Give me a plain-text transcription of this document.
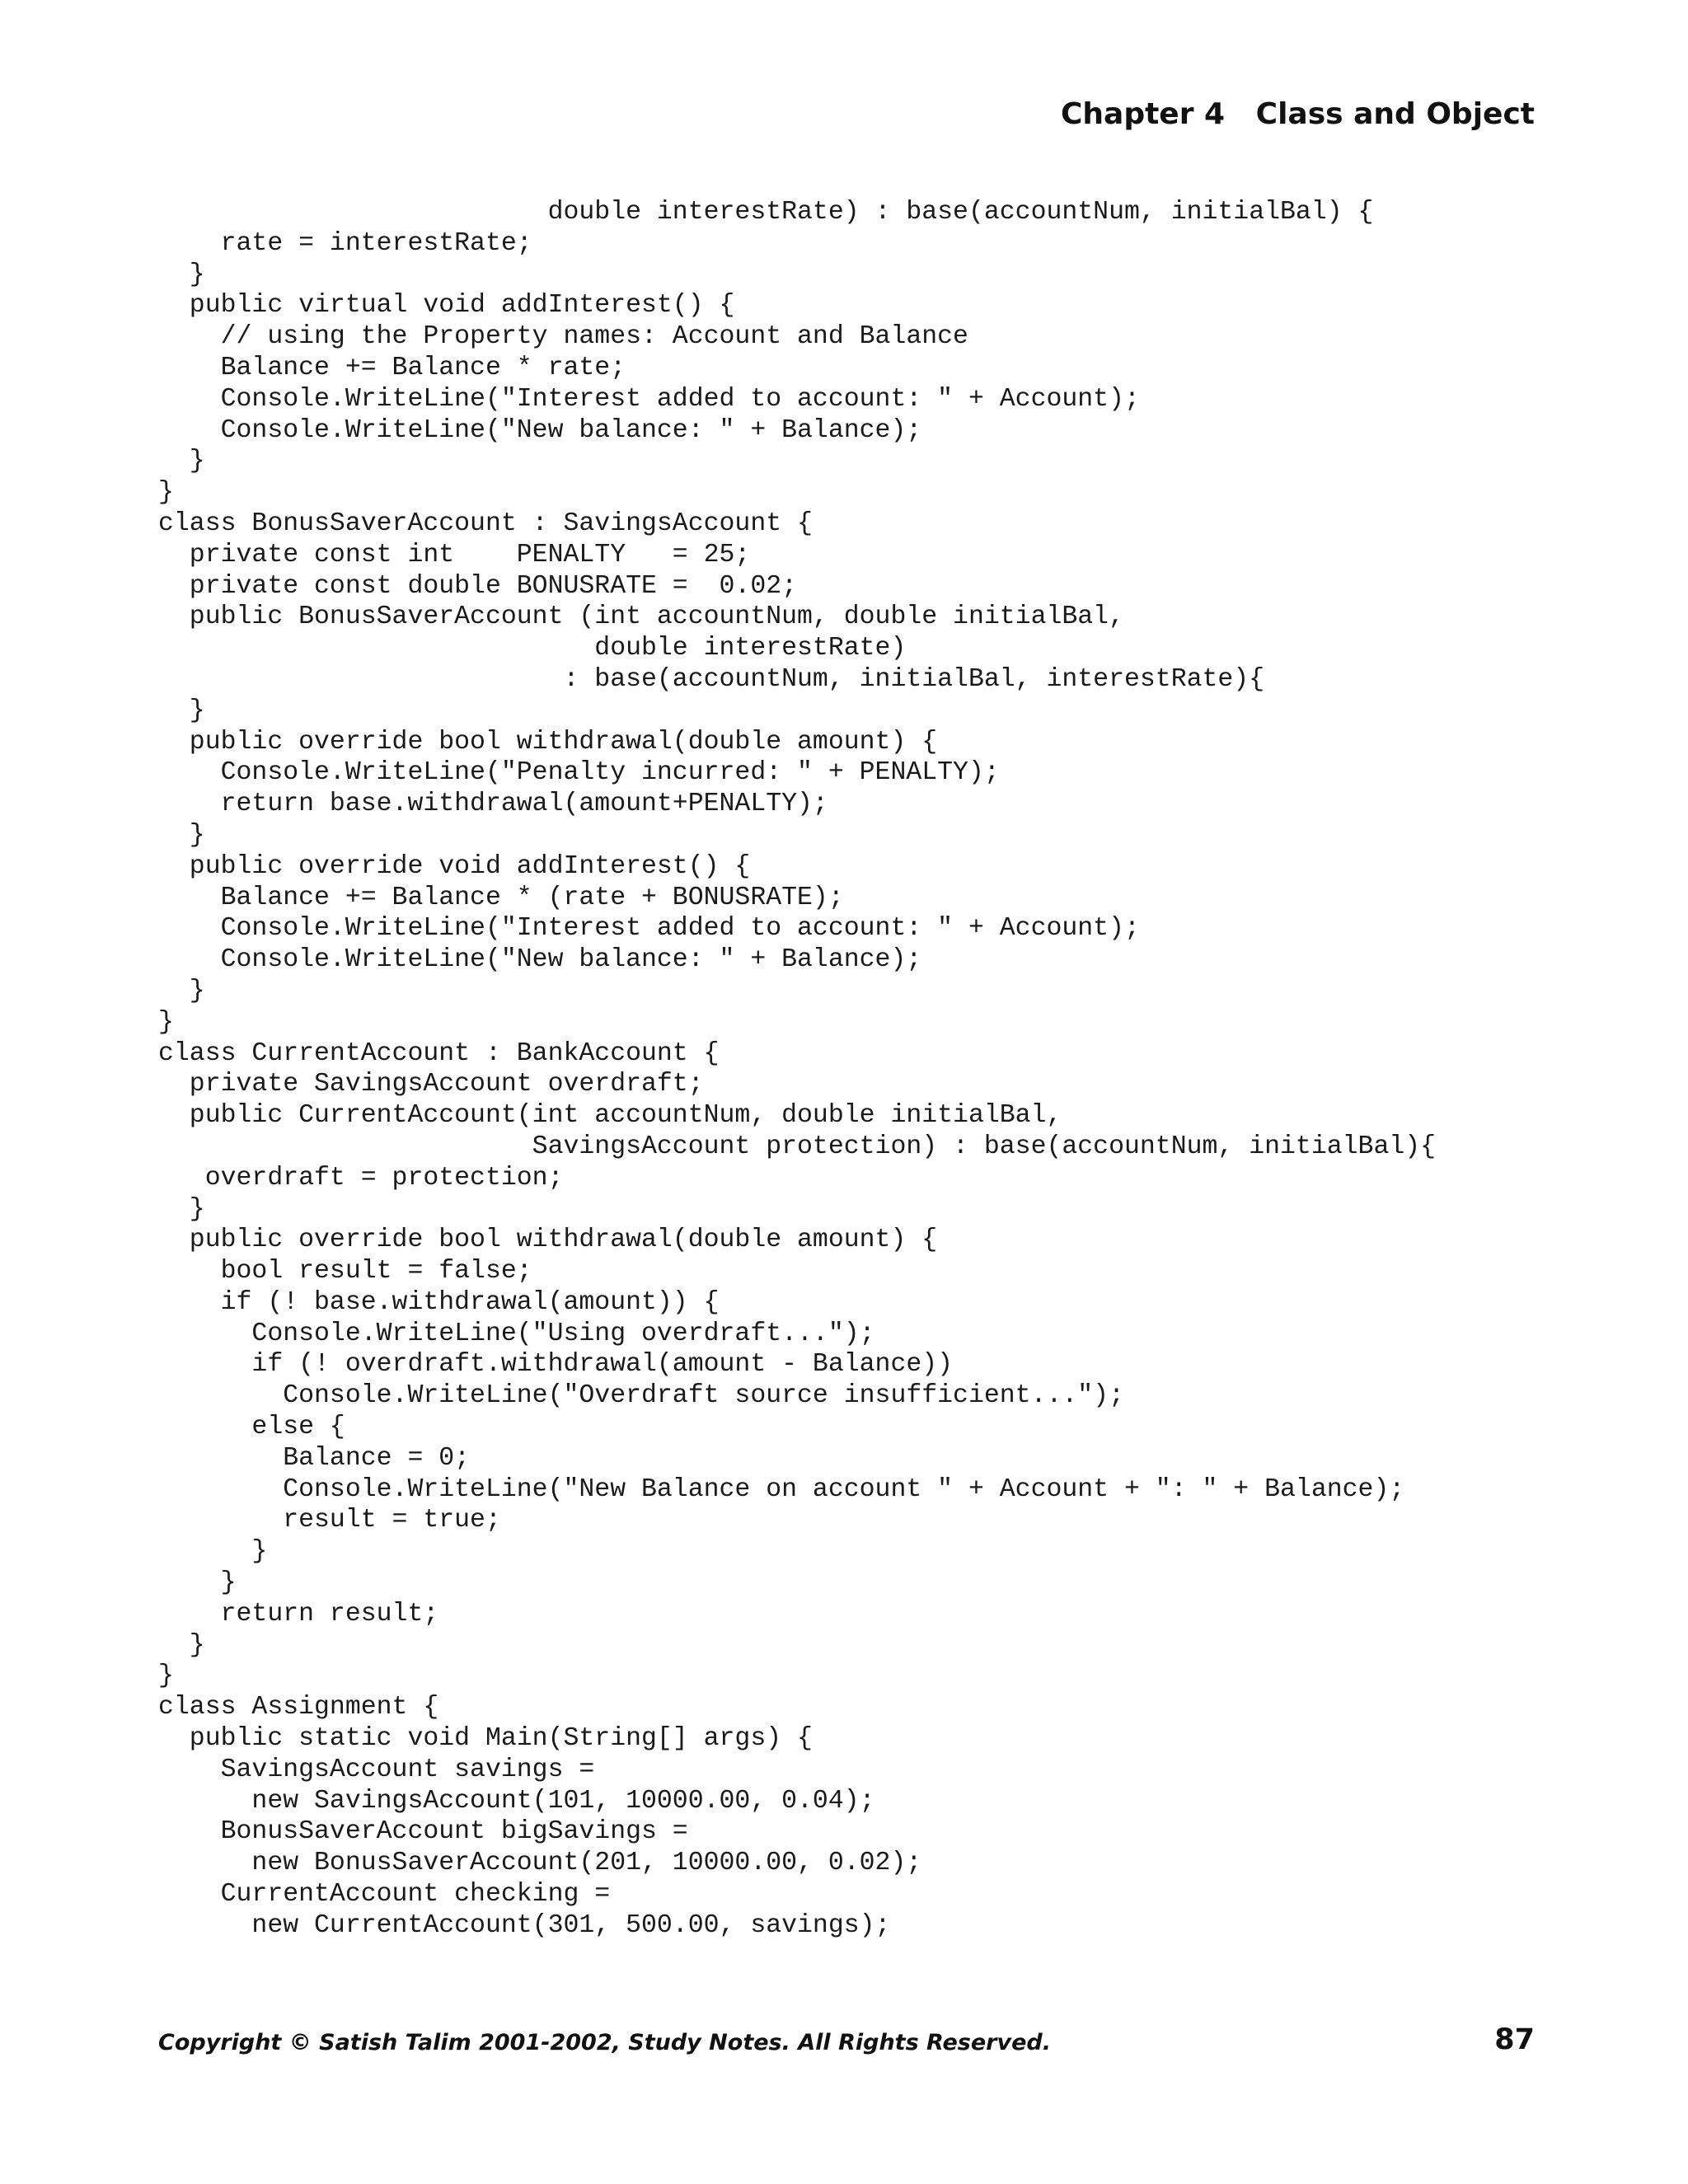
Chapter 4   Class and Object
double interestRate) : base(accountNum, initialBal) {
rate = interestRate;
}
public virtual void addInterest() {
// using the Property names: Account and Balance
Balance += Balance * rate;
Console.WriteLine("Interest added to account: " + Account);
Console.WriteLine("New balance: " + Balance);
}
}
class BonusSaverAccount : SavingsAccount {
private const int    PENALTY   = 25;
private const double BONUSRATE =  0.02;
public BonusSaverAccount (int accountNum, double initialBal,
double interestRate)
: base(accountNum, initialBal, interestRate){
}
public override bool withdrawal(double amount) {
Console.WriteLine("Penalty incurred: " + PENALTY);
return base.withdrawal(amount+PENALTY);
}
public override void addInterest() {
Balance += Balance * (rate + BONUSRATE);
Console.WriteLine("Interest added to account: " + Account);
Console.WriteLine("New balance: " + Balance);
}
}
class CurrentAccount : BankAccount {
private SavingsAccount overdraft;
public CurrentAccount(int accountNum, double initialBal,
SavingsAccount protection) : base(accountNum, initialBal){
overdraft = protection;
}
public override bool withdrawal(double amount) {
bool result = false;
if (! base.withdrawal(amount)) {
Console.WriteLine("Using overdraft...");
if (! overdraft.withdrawal(amount - Balance))
Console.WriteLine("Overdraft source insufficient...");
else {
Balance = 0;
Console.WriteLine("New Balance on account " + Account + ": " + Balance);
result = true;
}
}
return result;
}
}
class Assignment {
public static void Main(String[] args) {
SavingsAccount savings =
new SavingsAccount(101, 10000.00, 0.04);
BonusSaverAccount bigSavings =
new BonusSaverAccount(201, 10000.00, 0.02);
CurrentAccount checking =
new CurrentAccount(301, 500.00, savings);
Copyright © Satish Talim 2001-2002, Study Notes. All Rights Reserved.	87
